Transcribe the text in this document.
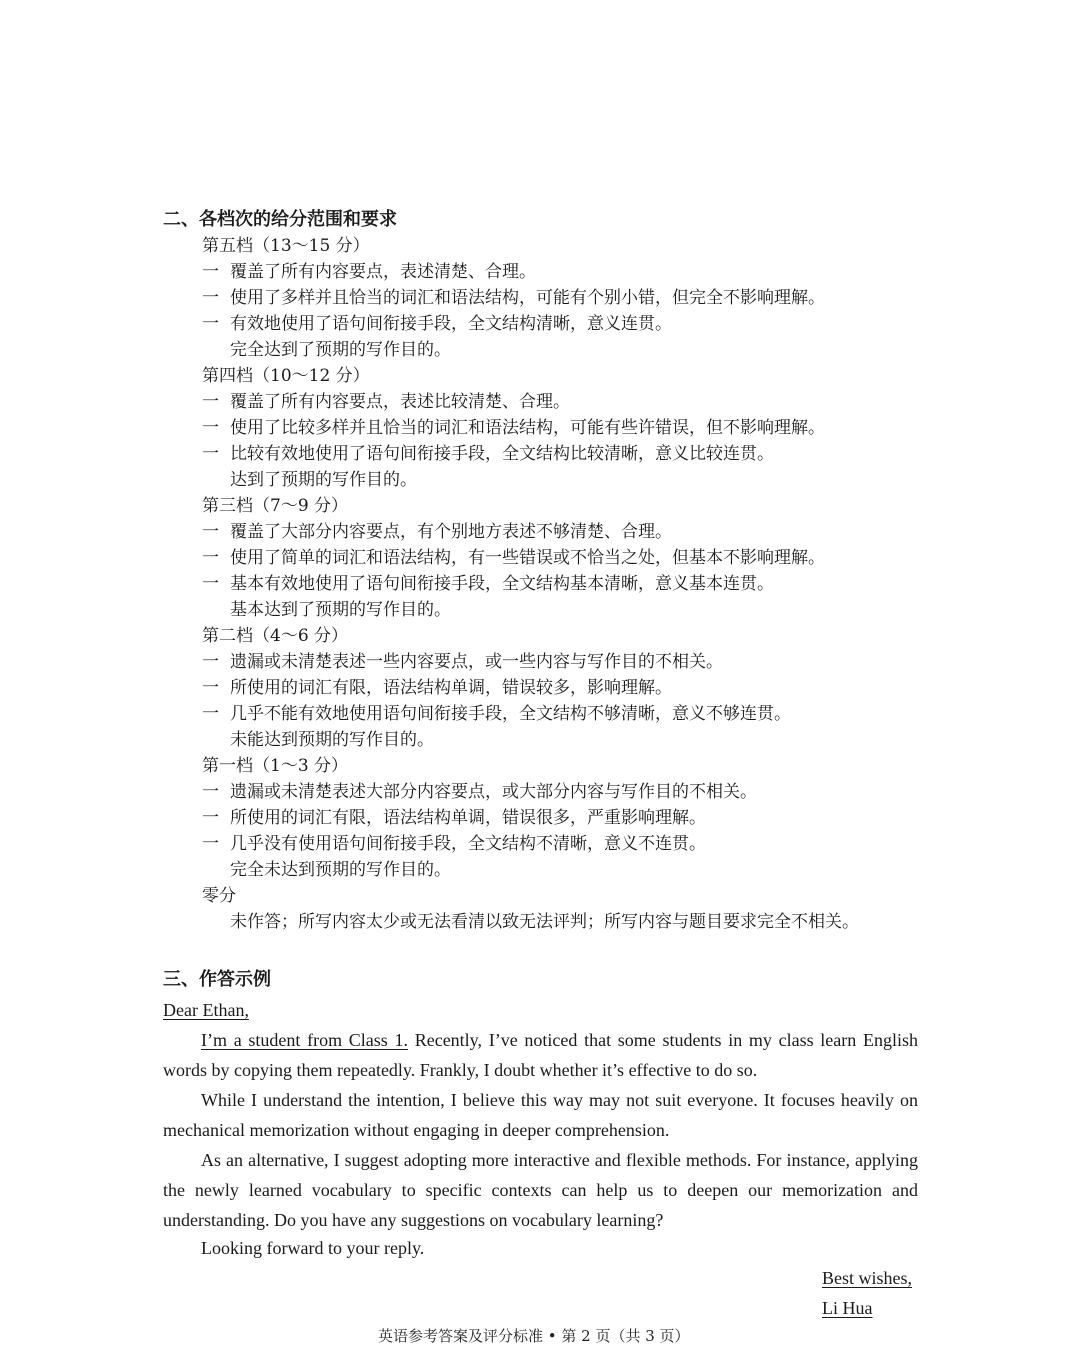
二、各档次的给分范围和要求
第五档（13～15 分）
一 覆盖了所有内容要点，表述清楚、合理。
一 使用了多样并且恰当的词汇和语法结构，可能有个别小错，但完全不影响理解。
一 有效地使用了语句间衔接手段，全文结构清晰，意义连贯。
完全达到了预期的写作目的。
第四档（10～12 分）
一 覆盖了所有内容要点，表述比较清楚、合理。
一 使用了比较多样并且恰当的词汇和语法结构，可能有些许错误，但不影响理解。
一 比较有效地使用了语句间衔接手段，全文结构比较清晰，意义比较连贯。
达到了预期的写作目的。
第三档（7～9 分）
一 覆盖了大部分内容要点，有个别地方表述不够清楚、合理。
一 使用了简单的词汇和语法结构，有一些错误或不恰当之处，但基本不影响理解。
一 基本有效地使用了语句间衔接手段，全文结构基本清晰，意义基本连贯。
基本达到了预期的写作目的。
第二档（4～6 分）
一 遗漏或未清楚表述一些内容要点，或一些内容与写作目的不相关。
一 所使用的词汇有限，语法结构单调，错误较多，影响理解。
一 几乎不能有效地使用语句间衔接手段，全文结构不够清晰，意义不够连贯。
未能达到预期的写作目的。
第一档（1～3 分）
一 遗漏或未清楚表述大部分内容要点，或大部分内容与写作目的不相关。
一 所使用的词汇有限，语法结构单调，错误很多，严重影响理解。
一 几乎没有使用语句间衔接手段，全文结构不清晰，意义不连贯。
完全未达到预期的写作目的。
零分
未作答；所写内容太少或无法看清以致无法评判；所写内容与题目要求完全不相关。
三、作答示例
Dear Ethan,

I’m a student from Class 1. Recently, I’ve noticed that some students in my class learn English words by copying them repeatedly. Frankly, I doubt whether it’s effective to do so.

While I understand the intention, I believe this way may not suit everyone. It focuses heavily on mechanical memorization without engaging in deeper comprehension.

As an alternative, I suggest adopting more interactive and flexible methods. For instance, applying the newly learned vocabulary to specific contexts can help us to deepen our memorization and understanding. Do you have any suggestions on vocabulary learning?

Looking forward to your reply.

Best wishes,
Li Hua
英语参考答案及评分标准 • 第 2 页（共 3 页）
